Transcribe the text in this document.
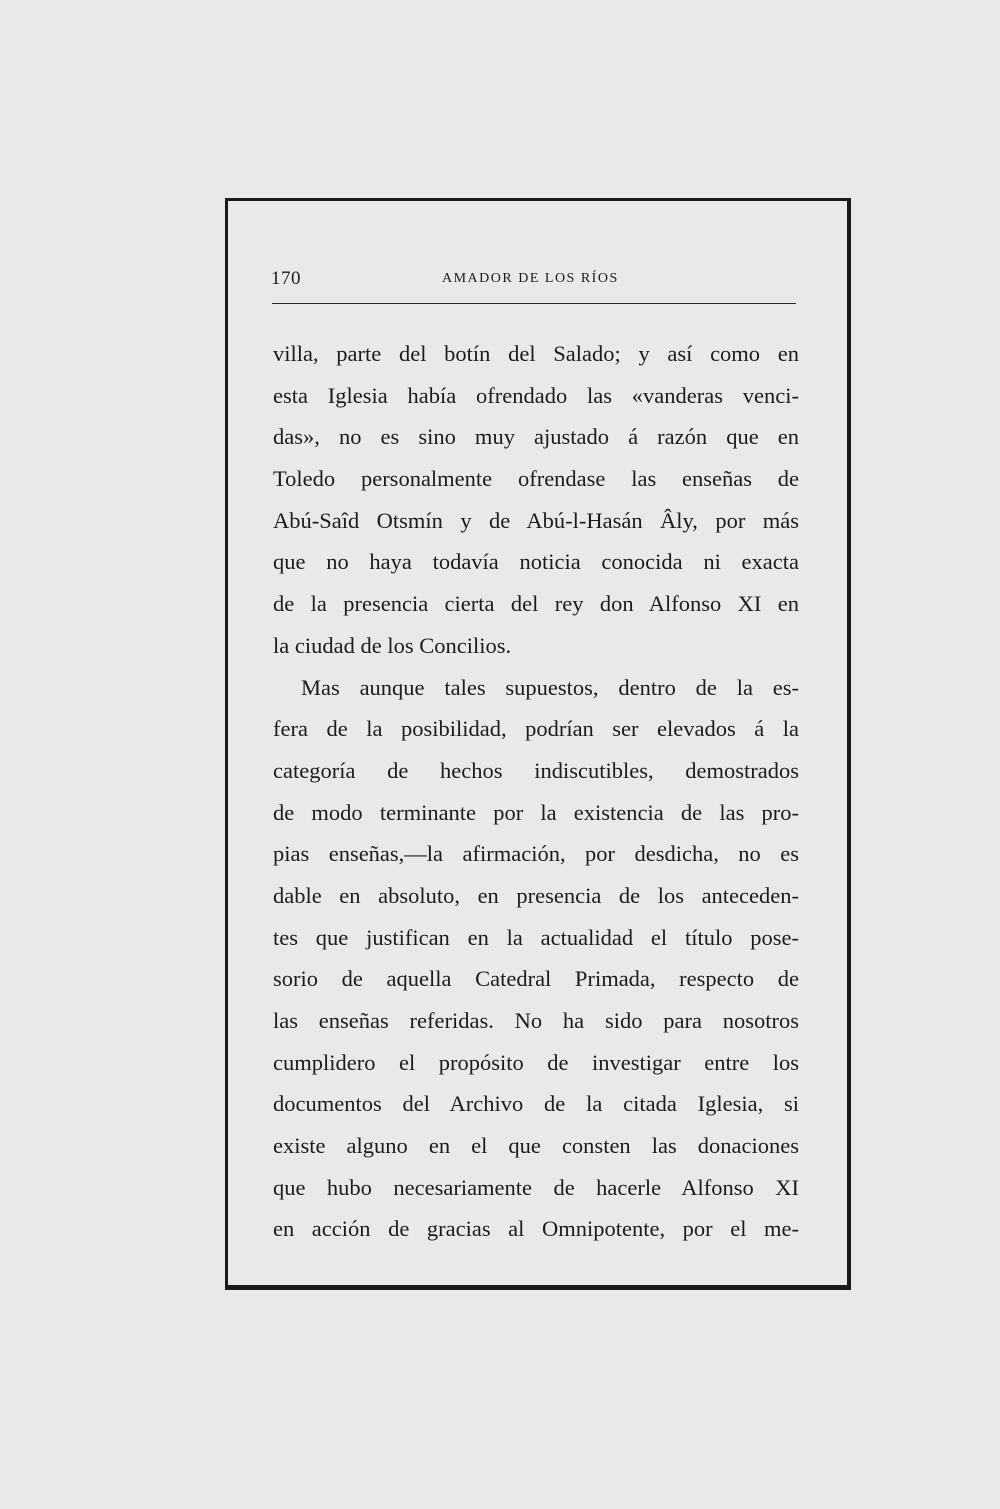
170	AMADOR DE LOS RÍOS
villa, parte del botín del Salado; y así como en
esta Iglesia había ofrendado las «vanderas venci-
das», no es sino muy ajustado á razón que en
Toledo personalmente ofrendase las enseñas de
Abú-Saîd Otsmín y de Abú-l-Hasán Âly, por más
que no haya todavía noticia conocida ni exacta
de la presencia cierta del rey don Alfonso XI en
la ciudad de los Concilios.
Mas aunque tales supuestos, dentro de la es-
fera de la posibilidad, podrían ser elevados á la
categoría de hechos indiscutibles, demostrados
de modo terminante por la existencia de las pro-
pias enseñas,—la afirmación, por desdicha, no es
dable en absoluto, en presencia de los anteceden-
tes que justifican en la actualidad el título pose-
sorio de aquella Catedral Primada, respecto de
las enseñas referidas. No ha sido para nosotros
cumplidero el propósito de investigar entre los
documentos del Archivo de la citada Iglesia, si
existe alguno en el que consten las donaciones
que hubo necesariamente de hacerle Alfonso XI
en acción de gracias al Omnipotente, por el me-
